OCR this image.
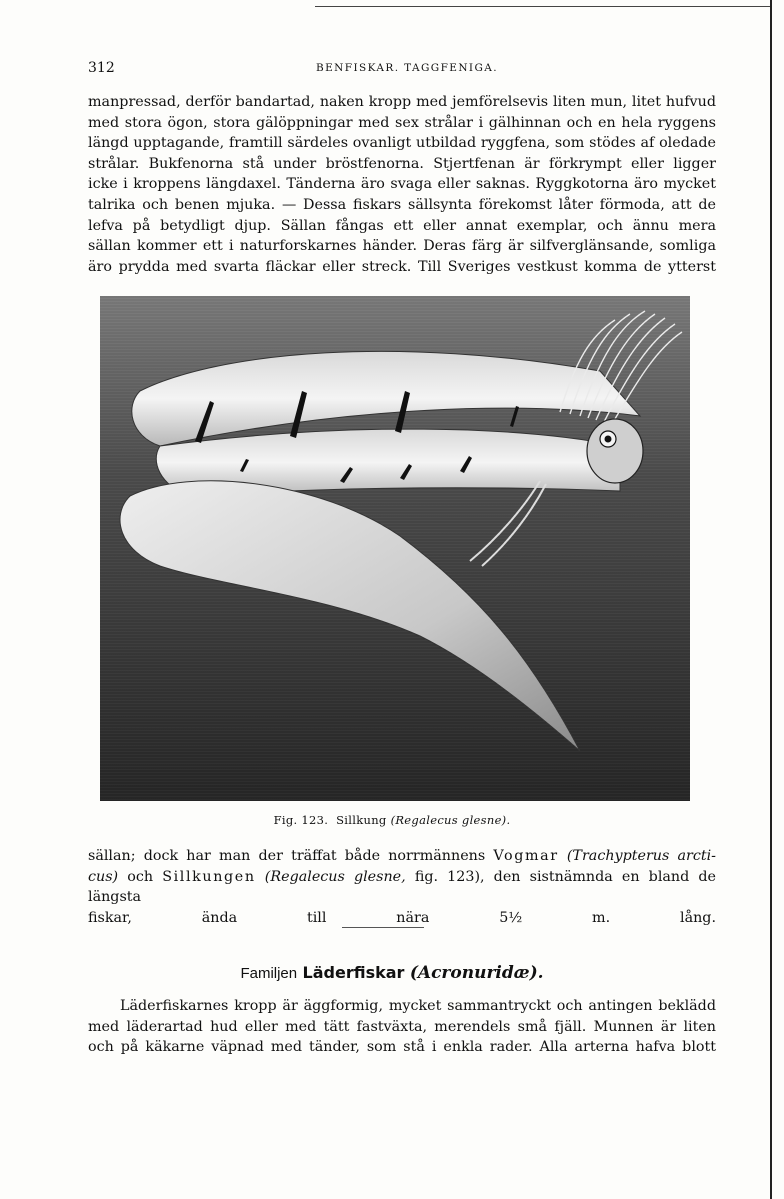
312	BENFISKAR. TAGGFENIGA.
manpressad, derför bandartad, naken kropp med jemförelsevis liten mun, litet hufvud
med stora ögon, stora gälöppningar med sex strålar i gälhinnan och en hela ryggens
längd upptagande, framtill särdeles ovanligt utbildad ryggfena, som stödes af oledade
strålar. Bukfenorna stå under bröstfenorna. Stjertfenan är förkrympt eller ligger
icke i kroppens längdaxel. Tänderna äro svaga eller saknas. Ryggkotorna äro mycket
talrika och benen mjuka. — Dessa fiskars sällsynta förekomst låter förmoda, att de
lefva på betydligt djup. Sällan fångas ett eller annat exemplar, och ännu mera
sällan kommer ett i naturforskarnes händer. Deras färg är silfverglänsande, somliga
äro prydda med svarta fläckar eller streck. Till Sveriges vestkust komma de ytterst
Fig. 123. Sillkung (Regalecus glesne).
sällan; dock har man der träffat både norrmännens Vogmar (Trachypterus arcti-
cus) och Sillkungen (Regalecus glesne, fig. 123), den sistnämnda en bland de längsta
fiskar, ända till nära 5½ m. lång.
Familjen Läderfiskar (Acronuridæ).
Läderfiskarnes kropp är äggformig, mycket sammantryckt och antingen beklädd
med läderartad hud eller med tätt fastväxta, merendels små fjäll. Munnen är liten
och på käkarne väpnad med tänder, som stå i enkla rader. Alla arterna hafva blott
